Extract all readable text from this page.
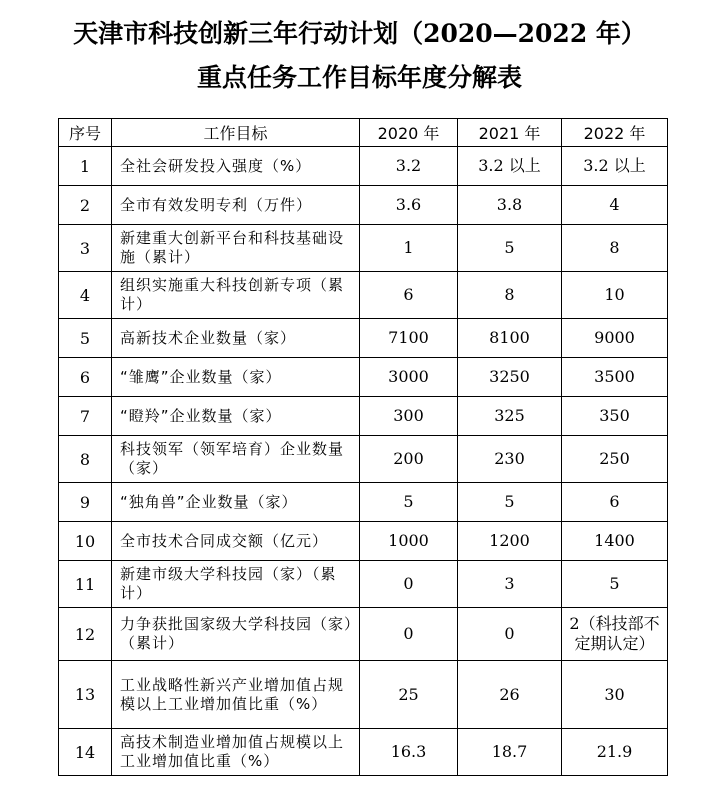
天津市科技创新三年行动计划（2020—2022 年）
重点任务工作目标年度分解表
序号	工作目标	2020 年	2021 年	2022 年
1	全社会研发投入强度（%）	3.2	3.2 以上	3.2 以上
2	全市有效发明专利（万件）	3.6	3.8	4
3	新建重大创新平台和科技基础设施（累计）	1	5	8
4	组织实施重大科技创新专项（累计）	6	8	10
5	高新技术企业数量（家）	7100	8100	9000
6	“雏鹰”企业数量（家）	3000	3250	3500
7	“瞪羚”企业数量（家）	300	325	350
8	科技领军（领军培育）企业数量（家）	200	230	250
9	“独角兽”企业数量（家）	5	5	6
10	全市技术合同成交额（亿元）	1000	1200	1400
11	新建市级大学科技园（家）（累计）	0	3	5
12	力争获批国家级大学科技园（家）（累计）	0	0	2（科技部不定期认定）
13	工业战略性新兴产业增加值占规模以上工业增加值比重（%）	25	26	30
14	高技术制造业增加值占规模以上工业增加值比重（%）	16.3	18.7	21.9
